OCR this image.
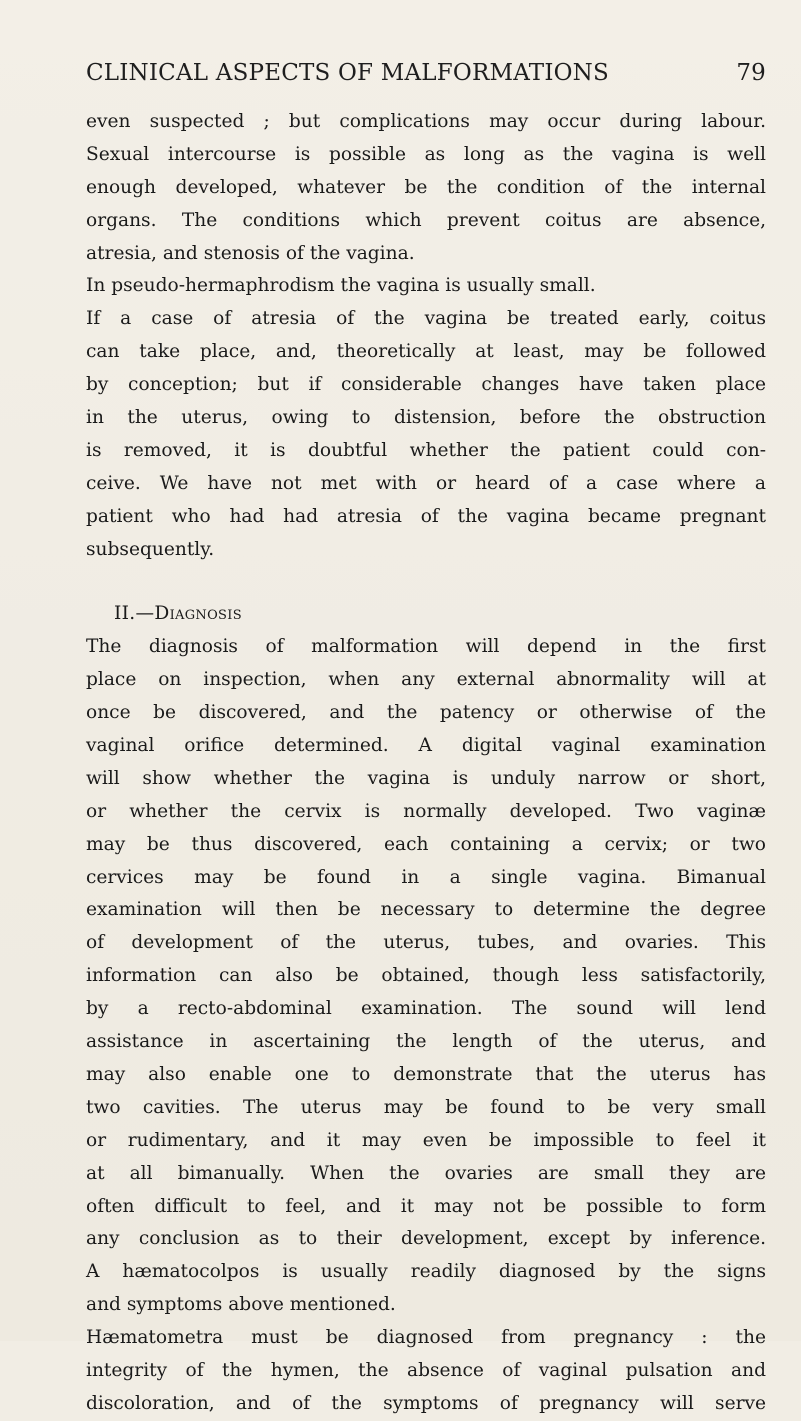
CLINICAL ASPECTS OF MALFORMATIONS	79
even suspected ; but complications may occur during labour.
Sexual intercourse is possible as long as the vagina is well
enough developed, whatever be the condition of the internal
organs. The conditions which prevent coitus are absence,
atresia, and stenosis of the vagina.
In pseudo-hermaphrodism the vagina is usually small.
If a case of atresia of the vagina be treated early, coitus
can take place, and, theoretically at least, may be followed
by conception; but if considerable changes have taken place
in the uterus, owing to distension, before the obstruction
is removed, it is doubtful whether the patient could con-
ceive. We have not met with or heard of a case where a
patient who had had atresia of the vagina became pregnant
subsequently.
II.—Diagnosis
The diagnosis of malformation will depend in the first
place on inspection, when any external abnormality will at
once be discovered, and the patency or otherwise of the
vaginal orifice determined. A digital vaginal examination
will show whether the vagina is unduly narrow or short,
or whether the cervix is normally developed. Two vaginæ
may be thus discovered, each containing a cervix; or two
cervices may be found in a single vagina. Bimanual
examination will then be necessary to determine the degree
of development of the uterus, tubes, and ovaries. This
information can also be obtained, though less satisfactorily,
by a recto-abdominal examination. The sound will lend
assistance in ascertaining the length of the uterus, and
may also enable one to demonstrate that the uterus has
two cavities. The uterus may be found to be very small
or rudimentary, and it may even be impossible to feel it
at all bimanually. When the ovaries are small they are
often difficult to feel, and it may not be possible to form
any conclusion as to their development, except by inference.
A hæmatocolpos is usually readily diagnosed by the signs
and symptoms above mentioned.
Hæmatometra must be diagnosed from pregnancy : the
integrity of the hymen, the absence of vaginal pulsation and
discoloration, and of the symptoms of pregnancy will serve
